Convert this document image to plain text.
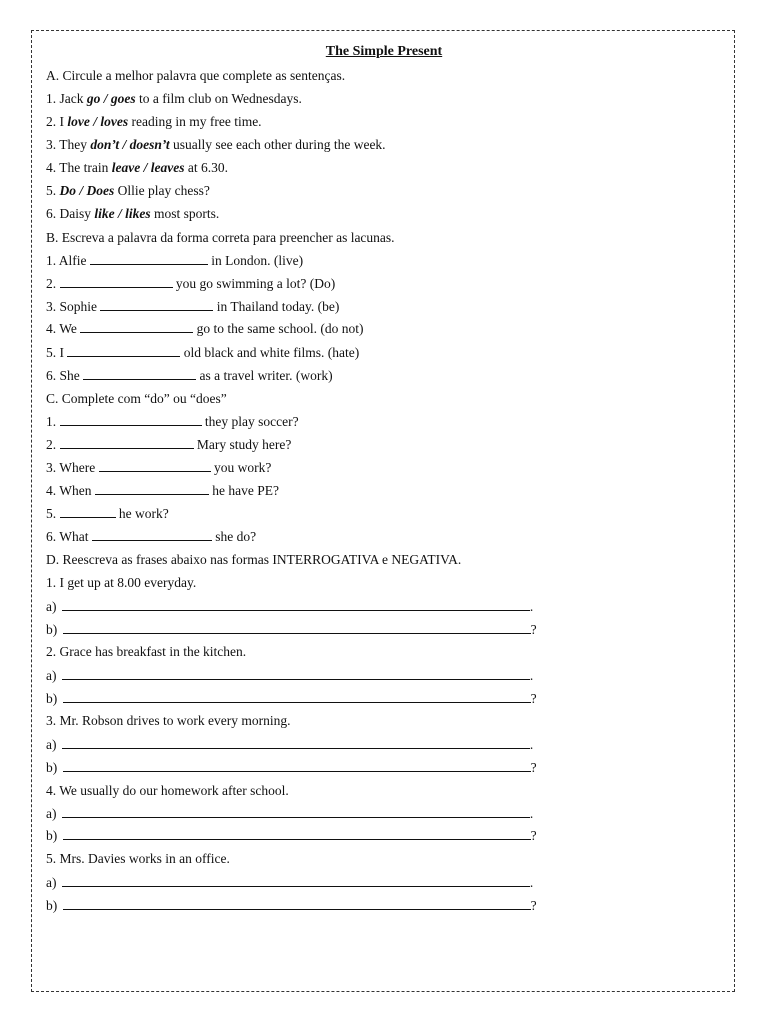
The Simple Present
A. Circule a melhor palavra que complete as sentenças.
1. Jack go / goes to a film club on Wednesdays.
2. I love / loves reading in my free time.
3. They don’t / doesn’t usually see each other during the week.
4. The train leave / leaves at 6.30.
5. Do / Does Ollie play chess?
6. Daisy like / likes most sports.
B. Escreva a palavra da forma correta para preencher as lacunas.
1. Alfie	in London. (live)
2.	you go swimming a lot? (Do)
3. Sophie	in Thailand today. (be)
4. We	go to the same school. (do not)
5. I	old black and white films. (hate)
6. She	as a travel writer. (work)
C. Complete com “do” ou “does”
1.	they play soccer?
2.	Mary study here?
3. Where	you work?
4. When	he have PE?
5.	he work?
6. What	she do?
D. Reescreva as frases abaixo nas formas INTERROGATIVA e NEGATIVA.
1. I get up at 8.00 everyday.
a)	.
b)	?
2. Grace has breakfast in the kitchen.
a)	.
b)	?
3. Mr. Robson drives to work every morning.
a)	.
b)	?
4. We usually do our homework after school.
a)	.
b)	?
5. Mrs. Davies works in an office.
a)	.
b)	?
